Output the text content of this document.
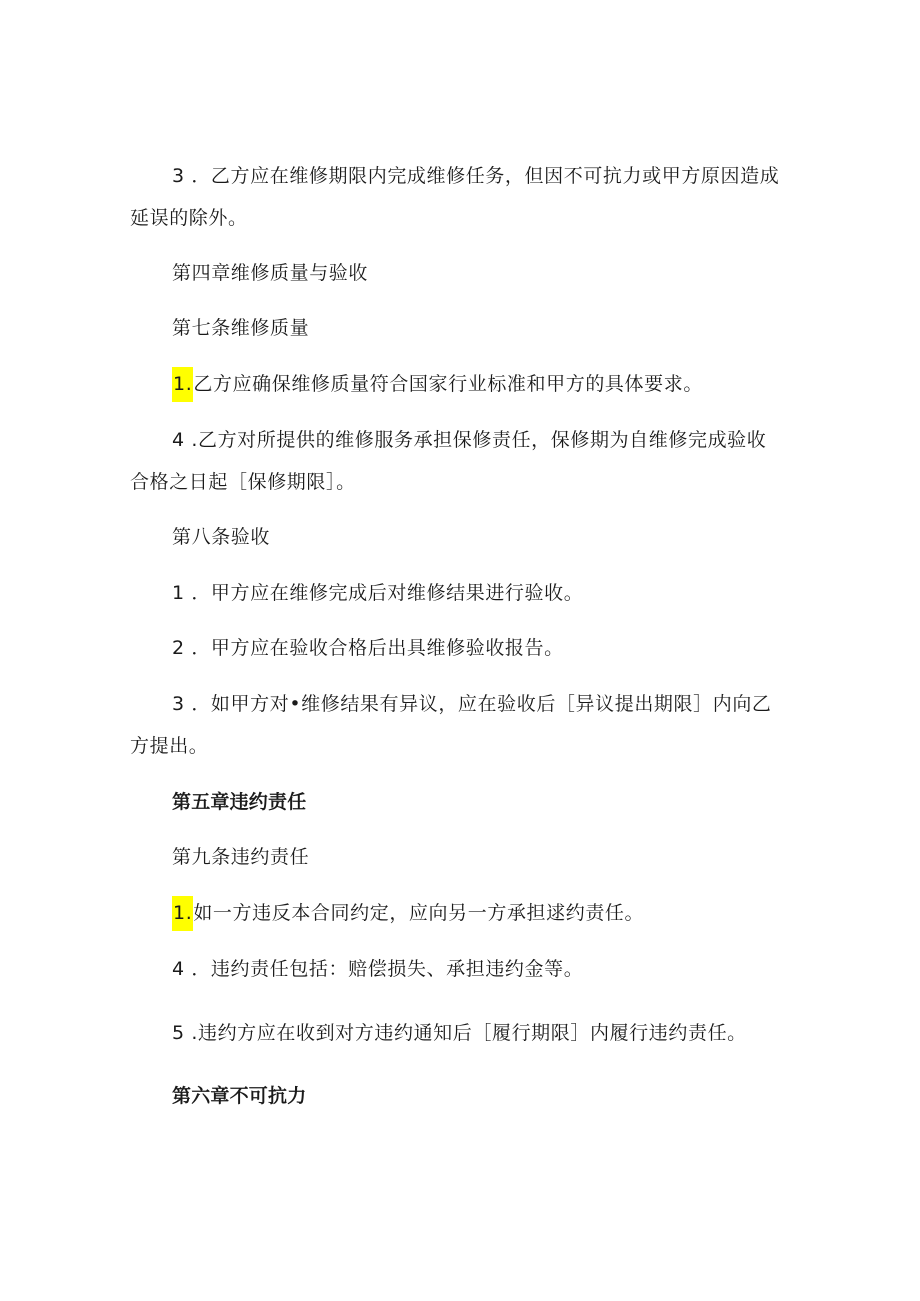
3 ．乙方应在维修期限内完成维修任务，但因不可抗力或甲方原因造成
延误的除外。
第四章维修质量与验收
第七条维修质量
1.乙方应确保维修质量符合国家行业标准和甲方的具体要求。
4 .乙方对所提供的维修服务承担保修责任，保修期为自维修完成验收
合格之日起［保修期限］。
第八条验收
1 ．甲方应在维修完成后对维修结果进行验收。
2 ．甲方应在验收合格后出具维修验收报告。
3 ．如甲方对•维修结果有异议，应在验收后［异议提出期限］内向乙
方提出。
第五章违约责任
第九条违约责任
1.如一方违反本合同约定，应向另一方承担逑约责任。
4 ．违约责任包括：赔偿损失、承担违约金等。
5 .违约方应在收到对方违约通知后［履行期限］内履行违约责任。
第六章不可抗力
